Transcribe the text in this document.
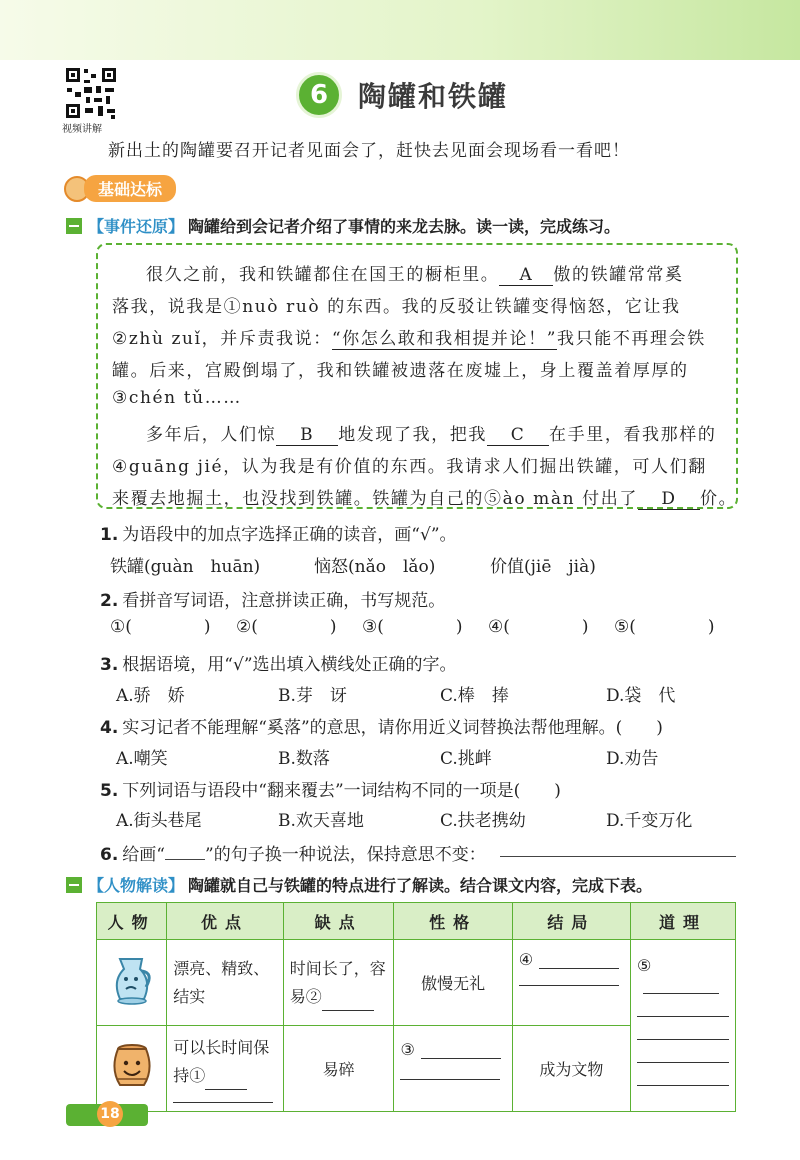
视频讲解
6	陶罐和铁罐
新出土的陶罐要召开记者见面会了，赶快去见面会现场看一看吧！
基础达标
【事件还原】 陶罐给到会记者介绍了事情的来龙去脉。读一读，完成练习。
很久之前，我和铁罐都住在国王的橱柜里。 A 傲的铁罐常常奚
落我，说我是①nuò ruò 的东西。我的反驳让铁罐变得恼怒，它让我
②zhù zuǐ，并斥责我说：“你怎么敢和我相提并论！”我只能不再理会铁
罐。后来，宫殿倒塌了，我和铁罐被遗落在废墟上，身上覆盖着厚厚的
③chén tǔ……
多年后，人们惊 B 地发现了我，把我 C 在手里，看我那样的
④guāng jié，认为我是有价值的东西。我请求人们掘出铁罐，可人们翻
来覆去地掘土，也没找到铁罐。铁罐为自己的⑤ào màn 付出了 D 价。
1. 为语段中的加点字选择正确的读音，画“√”。
铁罐(guàn　huān)	恼怒(nǎo　lǎo)	价值(jiē　jià)
2. 看拼音写词语，注意拼读正确，书写规范。
①(	) ②(	) ③(	) ④(	) ⑤(	)
3. 根据语境，用“√”选出填入横线处正确的字。
A.骄　娇	B.芽　讶	C.棒　捧	D.袋　代
4. 实习记者不能理解“奚落”的意思，请你用近义词替换法帮他理解。(　　)
A.嘲笑	B.数落	C.挑衅	D.劝告
5. 下列词语与语段中“翻来覆去”一词结构不同的一项是(　　)
A.街头巷尾	B.欢天喜地	C.扶老携幼	D.千变万化
6. 给画“ ”的句子换一种说法，保持意思不变：
【人物解读】 陶罐就自己与铁罐的特点进行了解读。结合课文内容，完成下表。
人物	优点	缺点	性格	结局	道理
	漂亮、精致、结实	时间长了，容易②	傲慢无礼	④	⑤

	可以长时间保持①	易碎	③	成为文物	
18
